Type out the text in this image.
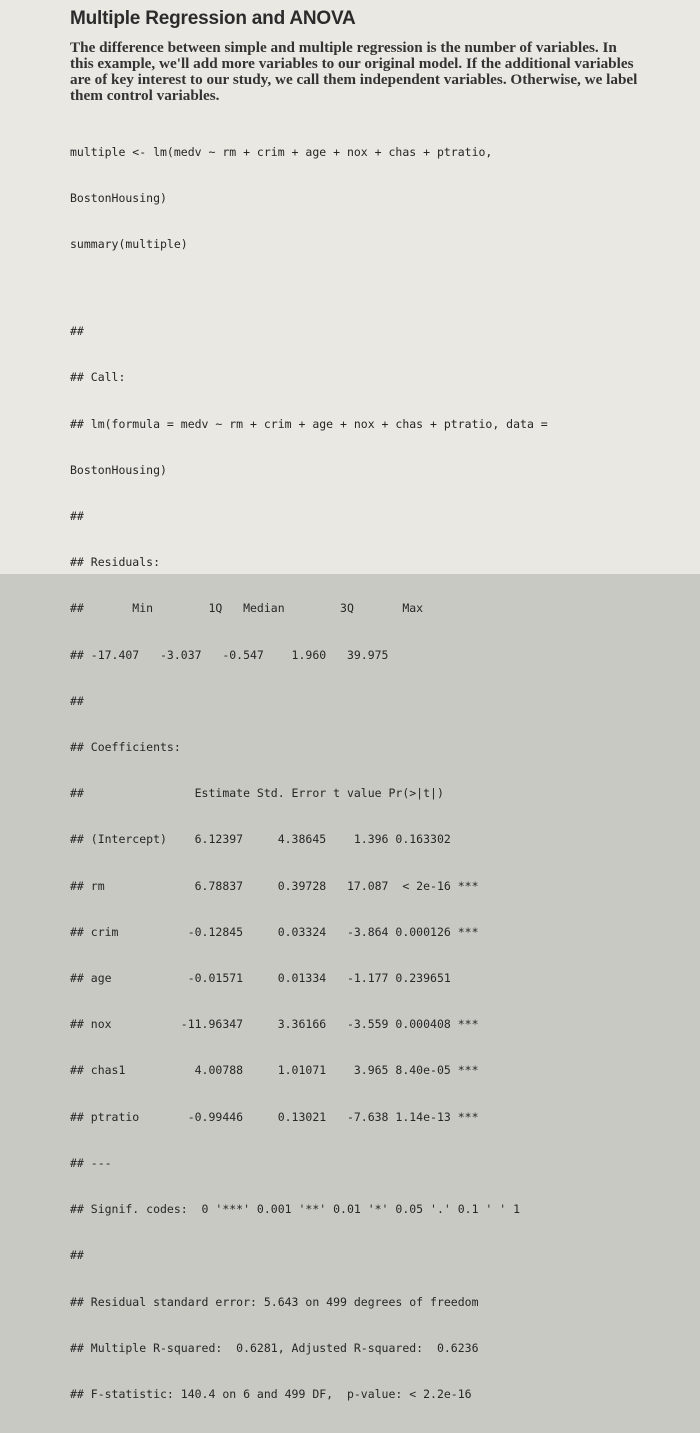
Multiple Regression and ANOVA

The difference between simple and multiple regression is the number of variables. In this example, we'll add more variables to our original model. If the additional variables are of key interest to our study, we call them independent variables. Otherwise, we label them control variables.

multiple <- lm(medv ~ rm + crim + age + nox + chas + ptratio,

BostonHousing)

summary(multiple)

##

## Call:

## lm(formula = medv ~ rm + crim + age + nox + chas + ptratio, data =

BostonHousing)

##

## Residuals:

##       Min        1Q   Median        3Q       Max

## -17.407   -3.037   -0.547    1.960   39.975

##

## Coefficients:

##                Estimate Std. Error t value Pr(>|t|)

## (Intercept)    6.12397     4.38645    1.396 0.163302

## rm             6.78837     0.39728   17.087  < 2e-16 ***

## crim          -0.12845     0.03324   -3.864 0.000126 ***

## age           -0.01571     0.01334   -1.177 0.239651

## nox          -11.96347     3.36166   -3.559 0.000408 ***

## chas1          4.00788     1.01071    3.965 8.40e-05 ***

## ptratio       -0.99446     0.13021   -7.638 1.14e-13 ***

## ---

## Signif. codes:  0 '***' 0.001 '**' 0.01 '*' 0.05 '.' 0.1 ' ' 1

##

## Residual standard error: 5.643 on 499 degrees of freedom

## Multiple R-squared:  0.6281, Adjusted R-squared:  0.6236

## F-statistic: 140.4 on 6 and 499 DF,  p-value: < 2.2e-16
